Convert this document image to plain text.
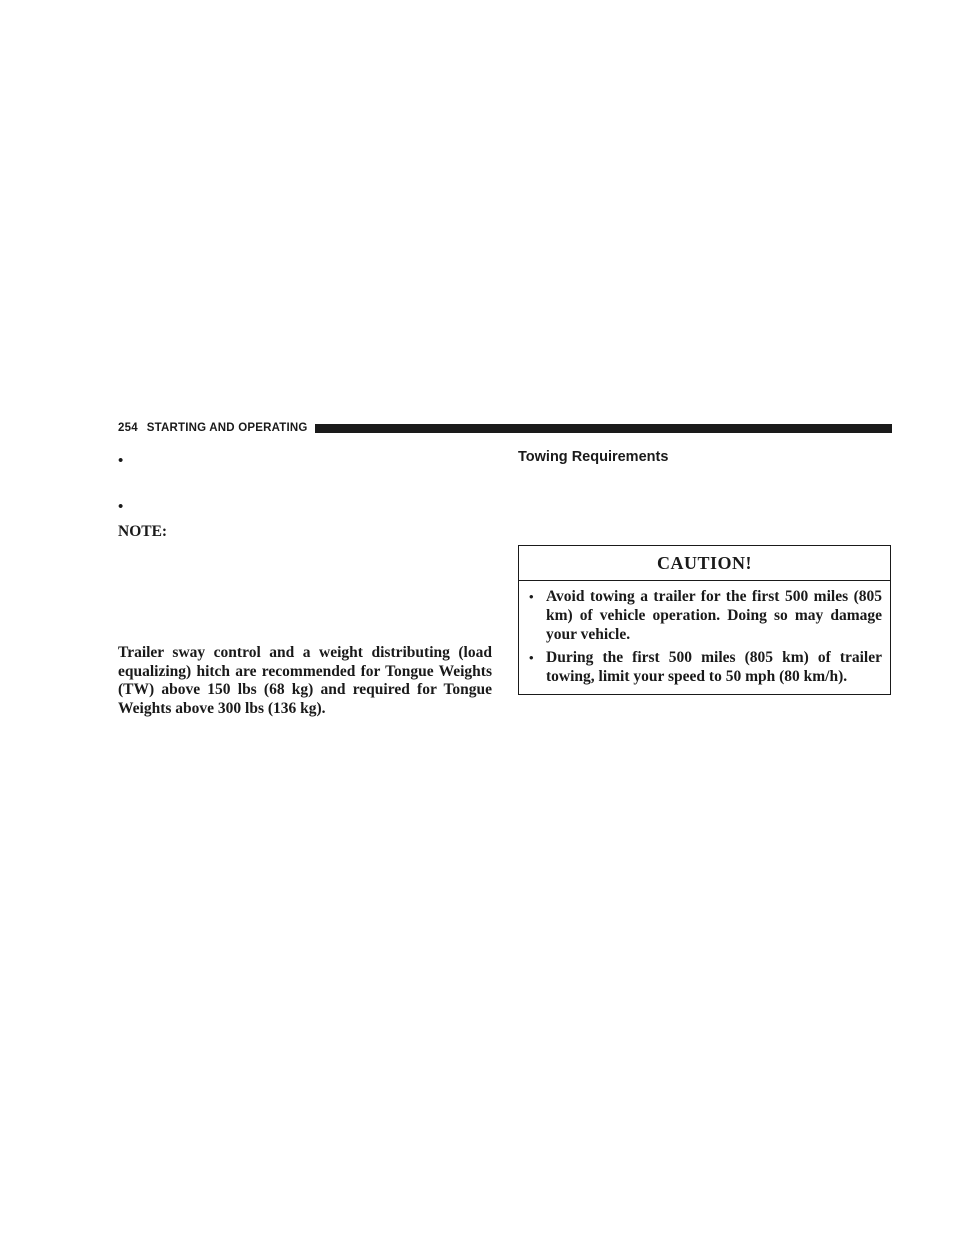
254 STARTING AND OPERATING
•
•
NOTE:

Trailer sway control and a weight distributing (load equalizing) hitch are recommended for Tongue Weights (TW) above 150 lbs (68 kg) and required for Tongue Weights above 300 lbs (136 kg).

Towing Requirements
CAUTION!
• Avoid towing a trailer for the first 500 miles (805 km) of vehicle operation. Doing so may damage your vehicle.
• During the first 500 miles (805 km) of trailer towing, limit your speed to 50 mph (80 km/h).
